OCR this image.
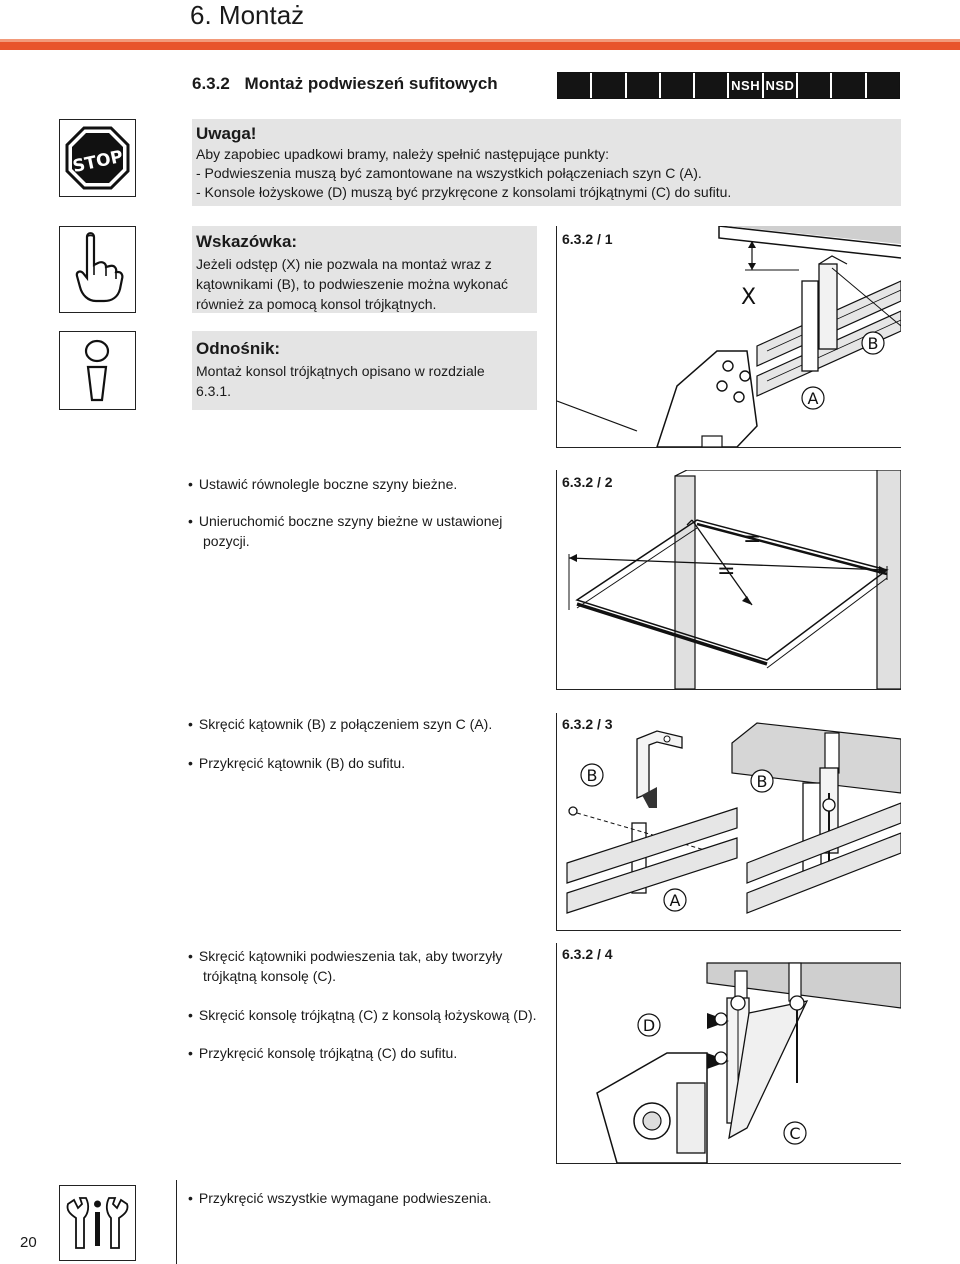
6. Montaż
6.3.2 Montaż podwieszeń sufitowych	NSH NSD
STOP
Uwaga!
Aby zapobiec upadkowi bramy, należy spełnić następujące punkty:
- Podwieszenia muszą być zamontowane na wszystkich połączeniach szyn C (A).
- Konsole łożyskowe (D) muszą być przykręcone z konsolami trójkątnymi (C) do sufitu.
Wskazówka:
Jeżeli odstęp (X) nie pozwala na montaż wraz z
kątownikami (B), to podwieszenie można wykonać
również za pomocą konsol trójkątnych.
Odnośnik:
Montaż konsol trójkątnych opisano w rozdziale
6.3.1.
X
A
B
6.3.2 / 1
=
=
6.3.2 / 2
B	B
A
6.3.2 / 3
D
C
6.3.2 / 4
• Ustawić równolegle boczne szyny bieżne.
• Unieruchomić boczne szyny bieżne w ustawionej
pozycji.
• Skręcić kątownik (B) z połączeniem szyn C (A).
• Przykręcić kątownik (B) do sufitu.
• Skręcić kątowniki podwieszenia tak, aby tworzyły
trójkątną konsolę (C).
• Skręcić konsolę trójkątną (C) z konsolą łożyskową (D).
• Przykręcić konsolę trójkątną (C) do sufitu.
• Przykręcić wszystkie wymagane podwieszenia.
20
